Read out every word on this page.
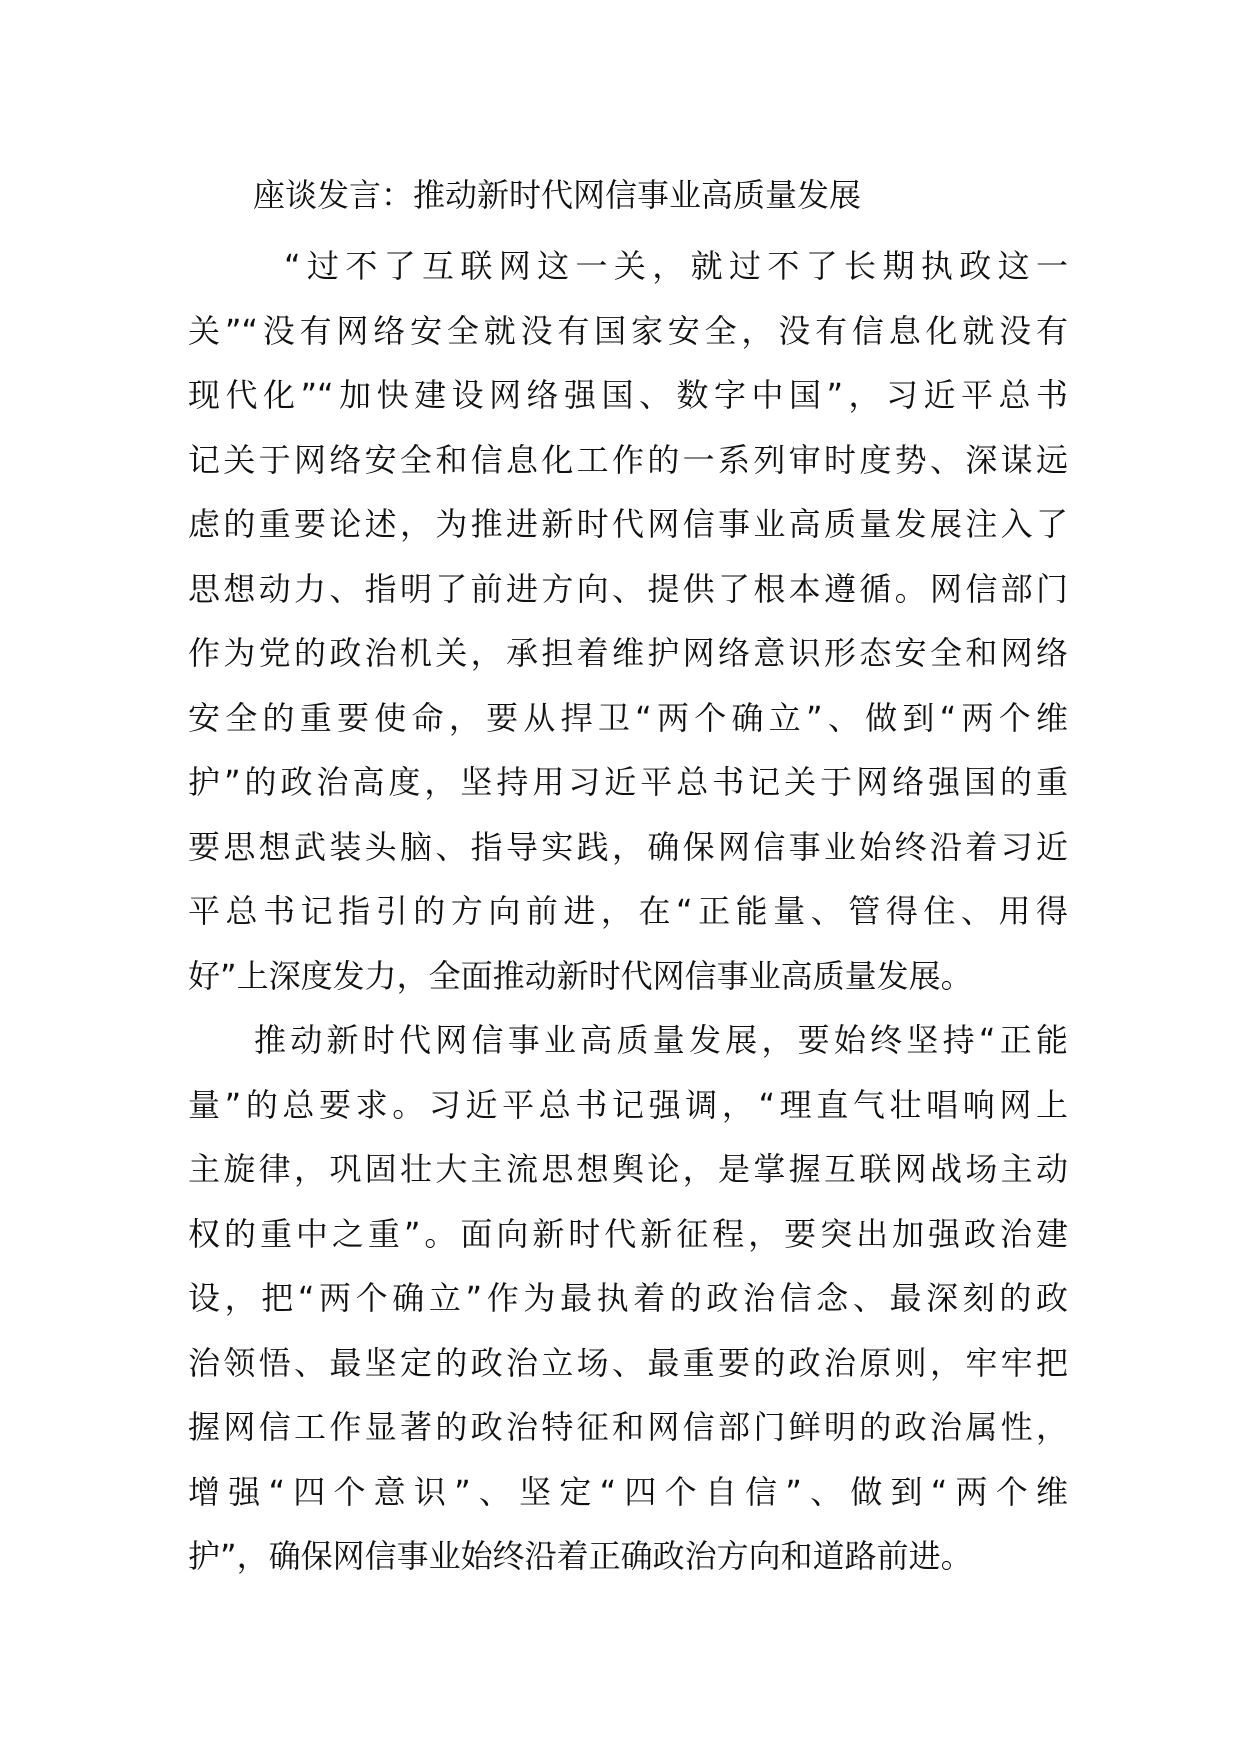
座谈发言：推动新时代网信事业高质量发展
“过不了互联网这一关，就过不了长期执政这一
关”“没有网络安全就没有国家安全，没有信息化就没有
现代化”“加快建设网络强国、数字中国”，习近平总书
记关于网络安全和信息化工作的一系列审时度势、深谋远
虑的重要论述，为推进新时代网信事业高质量发展注入了
思想动力、指明了前进方向、提供了根本遵循。网信部门
作为党的政治机关，承担着维护网络意识形态安全和网络
安全的重要使命，要从捍卫“两个确立”、做到“两个维
护”的政治高度，坚持用习近平总书记关于网络强国的重
要思想武装头脑、指导实践，确保网信事业始终沿着习近
平总书记指引的方向前进，在“正能量、管得住、用得
好”上深度发力，全面推动新时代网信事业高质量发展。
推动新时代网信事业高质量发展，要始终坚持“正能
量”的总要求。习近平总书记强调，“理直气壮唱响网上
主旋律，巩固壮大主流思想舆论，是掌握互联网战场主动
权的重中之重”。面向新时代新征程，要突出加强政治建
设，把“两个确立”作为最执着的政治信念、最深刻的政
治领悟、最坚定的政治立场、最重要的政治原则，牢牢把
握网信工作显著的政治特征和网信部门鲜明的政治属性，
增强“四个意识”、坚定“四个自信”、做到“两个维
护”，确保网信事业始终沿着正确政治方向和道路前进。
